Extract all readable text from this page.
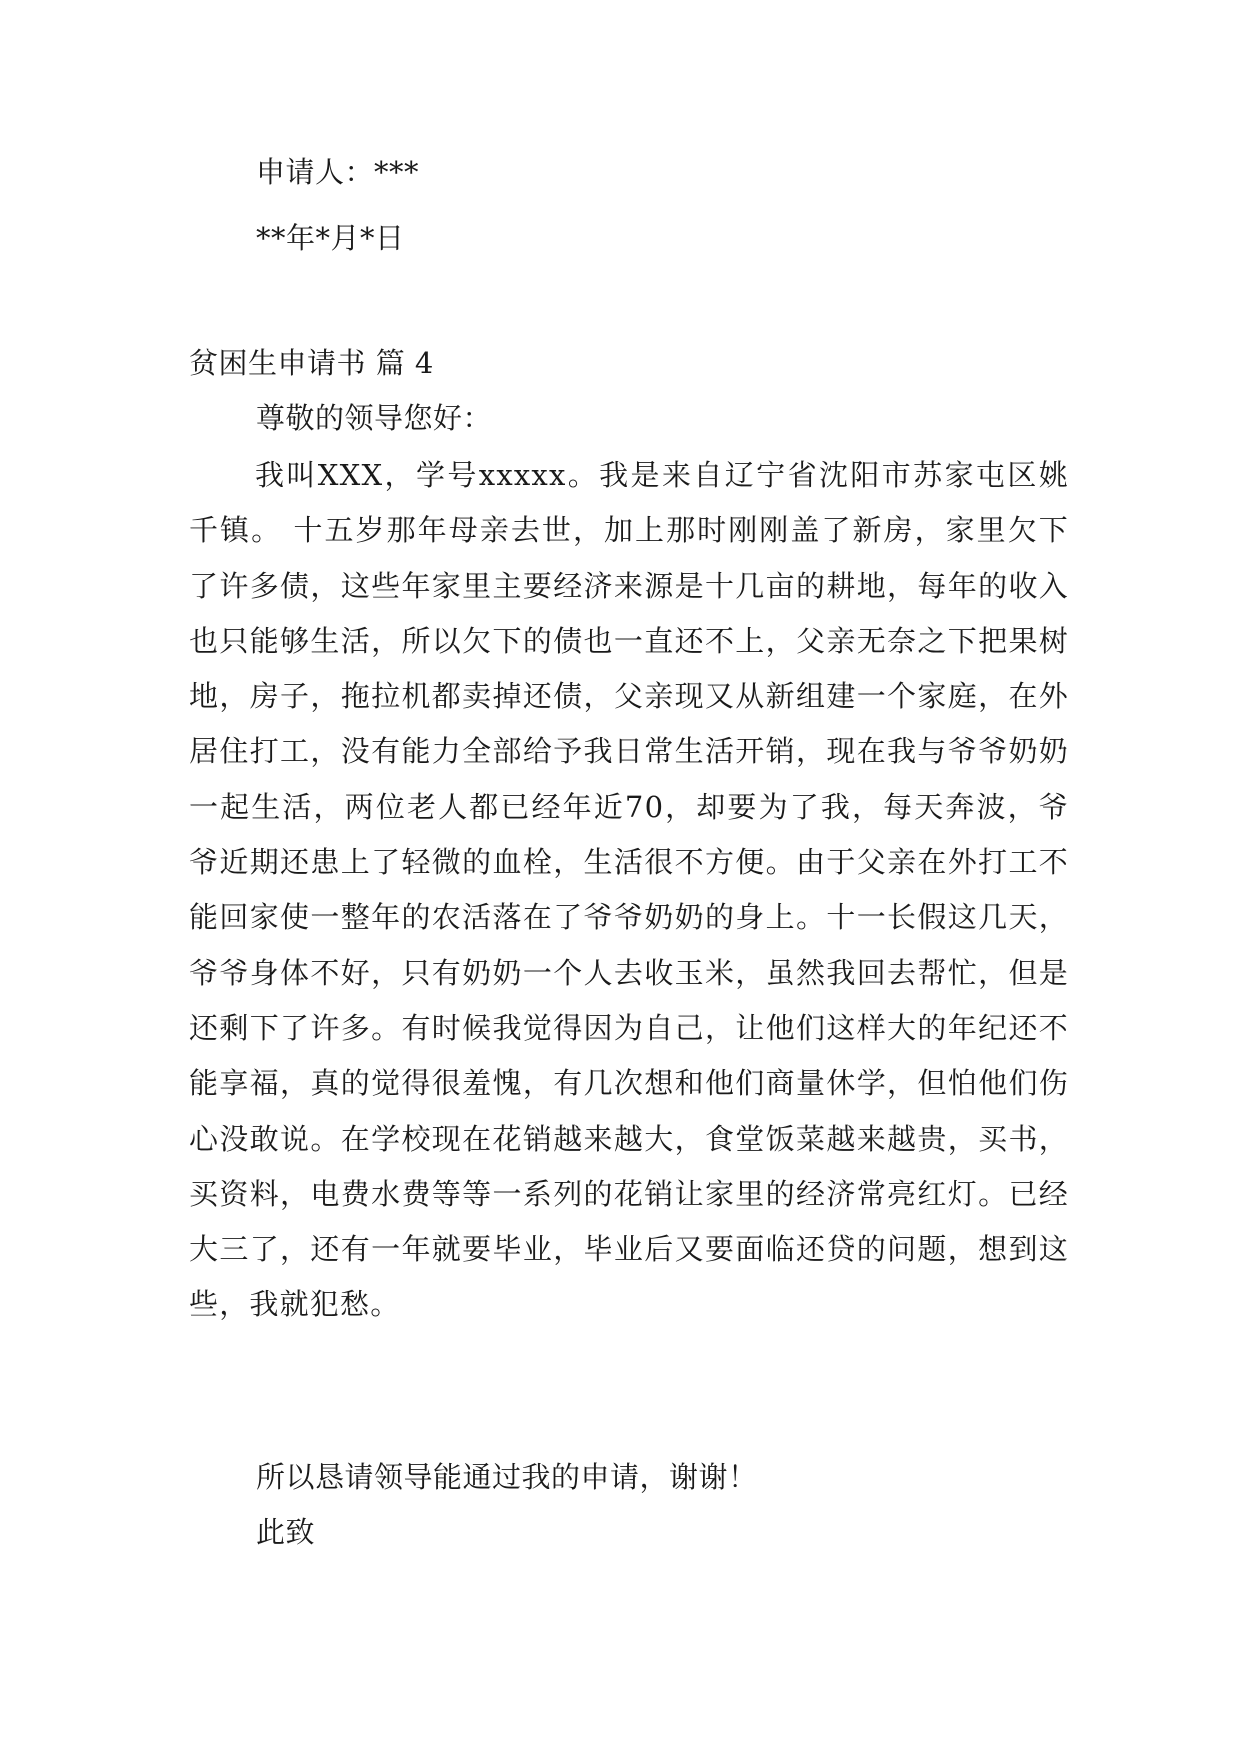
申请人：***
**年*月*日
贫困生申请书 篇 4
尊敬的领导您好：
我叫XXX，学号xxxxx。我是来自辽宁省沈阳市苏家屯区姚千镇。 十五岁那年母亲去世，加上那时刚刚盖了新房，家里欠下了许多债，这些年家里主要经济来源是十几亩的耕地，每年的收入也只能够生活，所以欠下的债也一直还不上，父亲无奈之下把果树地，房子，拖拉机都卖掉还债，父亲现又从新组建一个家庭，在外居住打工，没有能力全部给予我日常生活开销，现在我与爷爷奶奶一起生活，两位老人都已经年近70，却要为了我，每天奔波，爷爷近期还患上了轻微的血栓，生活很不方便。由于父亲在外打工不能回家使一整年的农活落在了爷爷奶奶的身上。十一长假这几天，爷爷身体不好，只有奶奶一个人去收玉米，虽然我回去帮忙，但是还剩下了许多。有时候我觉得因为自己，让他们这样大的年纪还不能享福，真的觉得很羞愧，有几次想和他们商量休学，但怕他们伤心没敢说。在学校现在花销越来越大，食堂饭菜越来越贵，买书，买资料，电费水费等等一系列的花销让家里的经济常亮红灯。已经大三了，还有一年就要毕业，毕业后又要面临还贷的问题，想到这些，我就犯愁。
所以恳请领导能通过我的申请，谢谢！
此致
